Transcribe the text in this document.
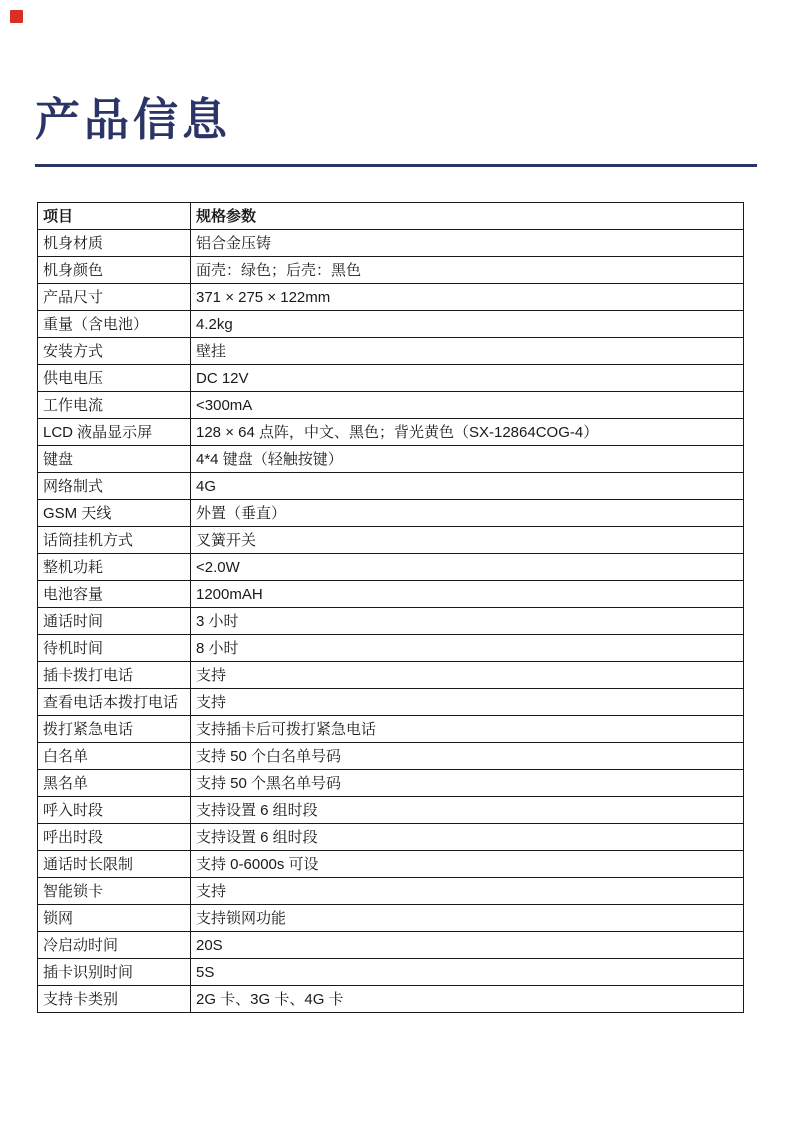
产品信息
项目	规格参数
机身材质	铝合金压铸
机身颜色	面壳：绿色；后壳：黑色
产品尺寸	371 × 275 × 122mm
重量（含电池）	4.2kg
安装方式	壁挂
供电电压	DC 12V
工作电流	<300mA
LCD 液晶显示屏	128 × 64 点阵，中文、黑色；背光黄色（SX-12864COG-4）
键盘	4*4 键盘（轻触按键）
网络制式	4G
GSM 天线	外置（垂直）
话筒挂机方式	叉簧开关
整机功耗	<2.0W
电池容量	1200mAH
通话时间	3 小时
待机时间	8 小时
插卡拨打电话	支持
查看电话本拨打电话	支持
拨打紧急电话	支持插卡后可拨打紧急电话
白名单	支持 50 个白名单号码
黑名单	支持 50 个黑名单号码
呼入时段	支持设置 6 组时段
呼出时段	支持设置 6 组时段
通话时长限制	支持 0-6000s 可设
智能锁卡	支持
锁网	支持锁网功能
冷启动时间	20S
插卡识别时间	5S
支持卡类别	2G 卡、3G 卡、4G 卡
